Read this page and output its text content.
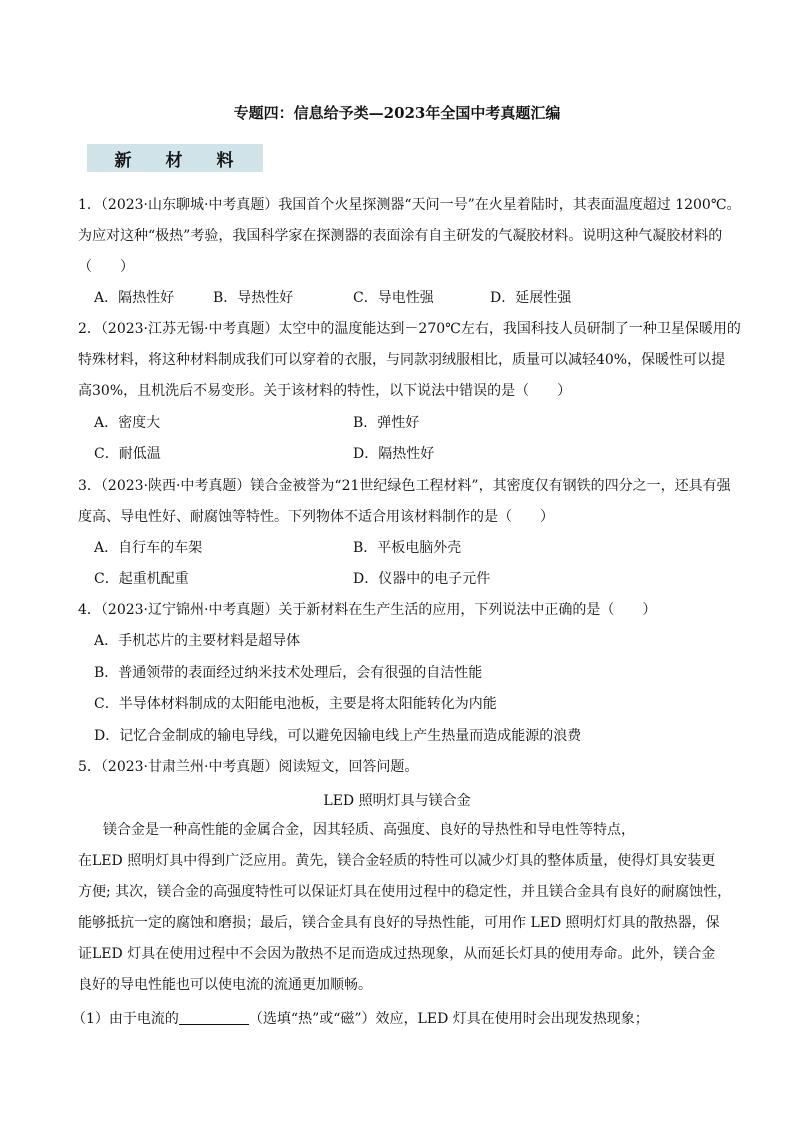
专题四：信息给予类—2023年全国中考真题汇编
新 材 料
1．（2023·山东聊城·中考真题）我国首个火星探测器“天问一号”在火星着陆时，其表面温度超过 1200℃。
为应对这种“极热”考验，我国科学家在探测器的表面涂有自主研发的气凝胶材料。说明这种气凝胶材料的
（　　）
A．隔热性好	B．导热性好	C．导电性强	D．延展性强
2．（2023·江苏无锡·中考真题）太空中的温度能达到－270℃左右，我国科技人员研制了一种卫星保暖用的
特殊材料，将这种材料制成我们可以穿着的衣服，与同款羽绒服相比，质量可以减轻40%，保暖性可以提
高30%，且机洗后不易变形。关于该材料的特性，以下说法中错误的是（　　）
A．密度大	B．弹性好
C．耐低温	D．隔热性好
3．（2023·陕西·中考真题）镁合金被誉为“21世纪绿色工程材料”，其密度仅有钢铁的四分之一，还具有强
度高、导电性好、耐腐蚀等特性。下列物体不适合用该材料制作的是（　　）
A．自行车的车架	B．平板电脑外壳
C．起重机配重	D．仪器中的电子元件
4．（2023·辽宁锦州·中考真题）关于新材料在生产生活的应用，下列说法中正确的是（　　）
A．手机芯片的主要材料是超导体
B．普通领带的表面经过纳米技术处理后，会有很强的自洁性能
C．半导体材料制成的太阳能电池板，主要是将太阳能转化为内能
D．记忆合金制成的输电导线，可以避免因输电线上产生热量而造成能源的浪费
5．（2023·甘肃兰州·中考真题）阅读短文，回答问题。
LED 照明灯具与镁合金
镁合金是一种高性能的金属合金，因其轻质、高强度、良好的导热性和导电性等特点，
在LED 照明灯具中得到广泛应用。黄先，镁合金轻质的特性可以减少灯具的整体质量，使得灯具安装更
方便; 其次，镁合金的高强度特性可以保证灯具在使用过程中的稳定性，并且镁合金具有良好的耐腐蚀性，
能够抵抗一定的腐蚀和磨损；最后，镁合金具有良好的导热性能，可用作 LED 照明灯灯具的散热器，保
证LED 灯具在使用过程中不会因为散热不足而造成过热现象，从而延长灯具的使用寿命。此外，镁合金
良好的导电性能也可以使电流的流通更加顺畅。
（1）由于电流的	（选填“热”或“磁”）效应，LED 灯具在使用时会出现发热现象；
